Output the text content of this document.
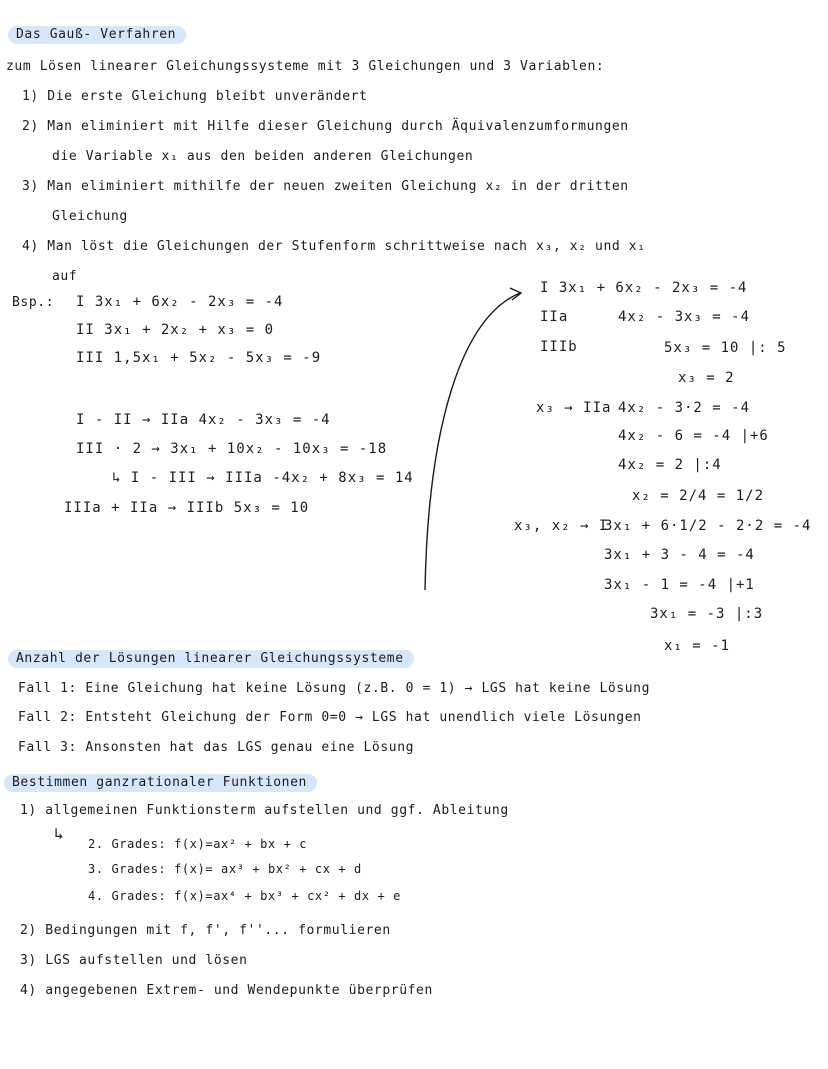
Das Gauß- Verfahren
zum Lösen linearer Gleichungssysteme mit 3 Gleichungen und 3 Variablen:
1) Die erste Gleichung bleibt unverändert
2) Man eliminiert mit Hilfe dieser Gleichung durch Äquivalenzumformungen
die Variable x₁ aus den beiden anderen Gleichungen
3) Man eliminiert mithilfe der neuen zweiten Gleichung x₂ in der dritten
Gleichung
4) Man löst die Gleichungen der Stufenform schrittweise nach x₃, x₂ und x₁
auf
Bsp.: I 3x₁ + 6x₂ - 2x₃ = -4
II 3x₁ + 2x₂ + x₃ = 0
III 1,5x₁ + 5x₂ - 5x₃ = -9
I - II → IIa 4x₂ - 3x₃ = -4
III · 2 → 3x₁ + 10x₂ - 10x₃ = -18
↳ I - III → IIIa -4x₂ + 8x₃ = 14
IIIa + IIa → IIIb 5x₃ = 10
I 3x₁ + 6x₂ - 2x₃ = -4
IIa	4x₂ - 3x₃ = -4
IIIb	5x₃ = 10 |: 5
x₃ = 2
x₃ → IIa 4x₂ - 3·2 = -4
4x₂ - 6 = -4 |+6
4x₂ = 2 |:4
x₂ = 2/4 = 1/2
x₃, x₂ → I
3x₁ + 6·1/2 - 2·2 = -4
3x₁ + 3 - 4 = -4
3x₁ - 1 = -4 |+1
3x₁ = -3 |:3
x₁ = -1
Anzahl der Lösungen linearer Gleichungssysteme
Fall 1: Eine Gleichung hat keine Lösung (z.B. 0 = 1) → LGS hat keine Lösung
Fall 2: Entsteht Gleichung der Form 0=0 → LGS hat unendlich viele Lösungen
Fall 3: Ansonsten hat das LGS genau eine Lösung
Bestimmen ganzrationaler Funktionen
1) allgemeinen Funktionsterm aufstellen und ggf. Ableitung
↳
2. Grades: f(x)=ax² + bx + c
3. Grades: f(x)= ax³ + bx² + cx + d
4. Grades: f(x)=ax⁴ + bx³ + cx² + dx + e
2) Bedingungen mit f, f', f''... formulieren
3) LGS aufstellen und lösen
4) angegebenen Extrem- und Wendepunkte überprüfen
